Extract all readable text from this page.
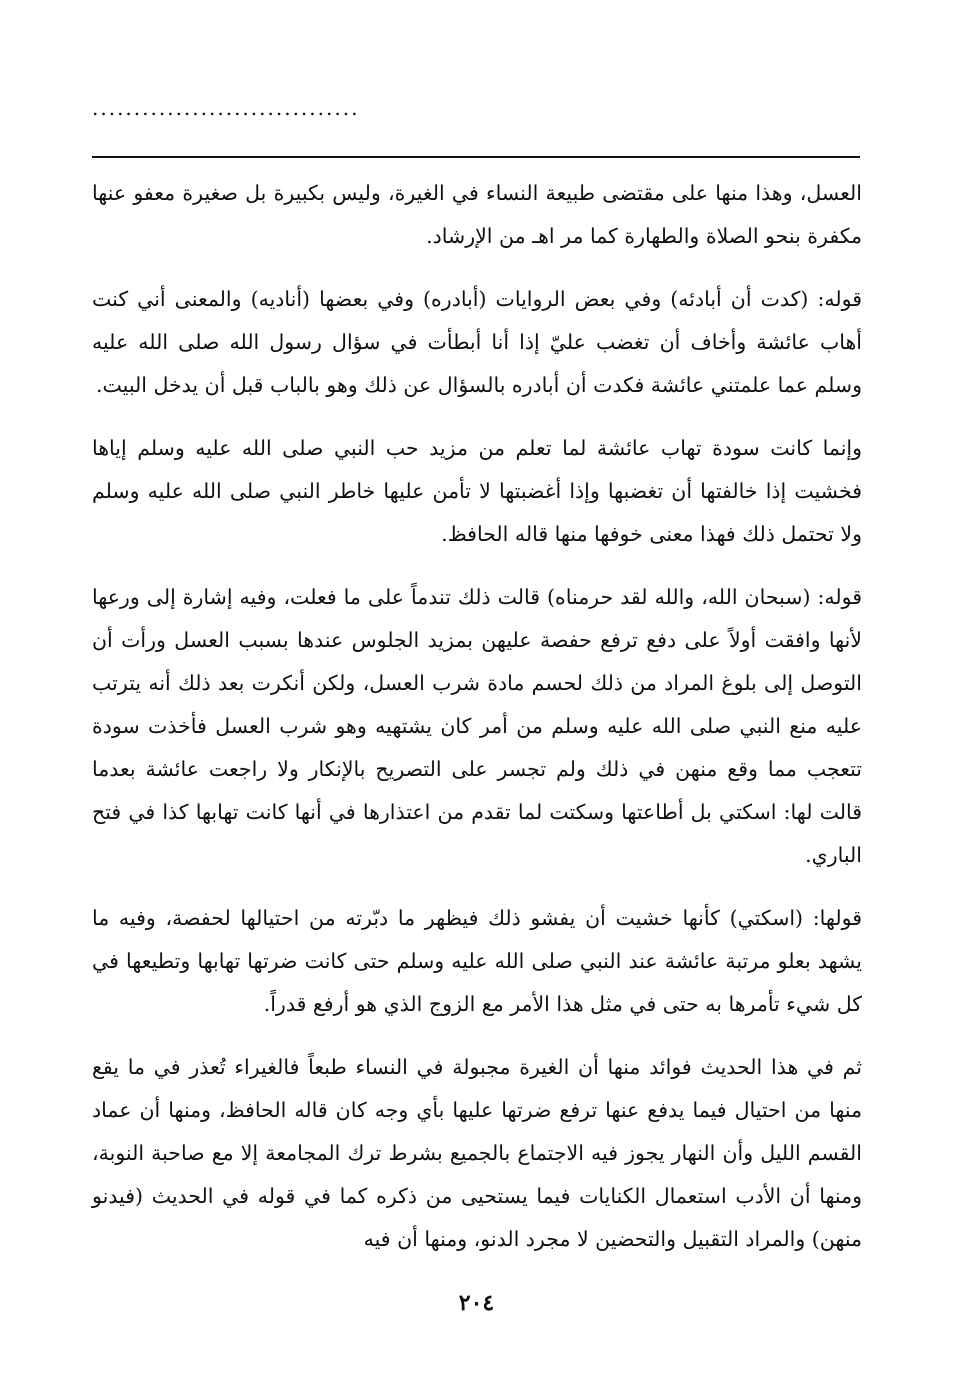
................................

العسل، وهذا منها على مقتضى طبيعة النساء في الغيرة، وليس بكبيرة بل صغيرة معفو عنها مكفرة بنحو الصلاة والطهارة كما مر اهـ من الإرشاد.

قوله: (كدت أن أبادئه) وفي بعض الروايات (أبادره) وفي بعضها (أناديه) والمعنى أني كنت أهاب عائشة وأخاف أن تغضب عليّ إذا أنا أبطأت في سؤال رسول الله صلى الله عليه وسلم عما علمتني عائشة فكدت أن أبادره بالسؤال عن ذلك وهو بالباب قبل أن يدخل البيت.

وإنما كانت سودة تهاب عائشة لما تعلم من مزيد حب النبي صلى الله عليه وسلم إياها فخشيت إذا خالفتها أن تغضبها وإذا أغضبتها لا تأمن عليها خاطر النبي صلى الله عليه وسلم ولا تحتمل ذلك فهذا معنى خوفها منها قاله الحافظ.

قوله: (سبحان الله، والله لقد حرمناه) قالت ذلك تندماً على ما فعلت، وفيه إشارة إلى ورعها لأنها وافقت أولاً على دفع ترفع حفصة عليهن بمزيد الجلوس عندها بسبب العسل ورأت أن التوصل إلى بلوغ المراد من ذلك لحسم مادة شرب العسل، ولكن أنكرت بعد ذلك أنه يترتب عليه منع النبي صلى الله عليه وسلم من أمر كان يشتهيه وهو شرب العسل فأخذت سودة تتعجب مما وقع منهن في ذلك ولم تجسر على التصريح بالإنكار ولا راجعت عائشة بعدما قالت لها: اسكتي بل أطاعتها وسكتت لما تقدم من اعتذارها في أنها كانت تهابها كذا في فتح الباري.

قولها: (اسكتي) كأنها خشيت أن يفشو ذلك فيظهر ما دبّرته من احتيالها لحفصة، وفيه ما يشهد بعلو مرتبة عائشة عند النبي صلى الله عليه وسلم حتى كانت ضرتها تهابها وتطيعها في كل شيء تأمرها به حتى في مثل هذا الأمر مع الزوج الذي هو أرفع قدراً.

ثم في هذا الحديث فوائد منها أن الغيرة مجبولة في النساء طبعاً فالغيراء تُعذر في ما يقع منها من احتيال فيما يدفع عنها ترفع ضرتها عليها بأي وجه كان قاله الحافظ، ومنها أن عماد القسم الليل وأن النهار يجوز فيه الاجتماع بالجميع بشرط ترك المجامعة إلا مع صاحبة النوبة، ومنها أن الأدب استعمال الكنايات فيما يستحيى من ذكره كما في قوله في الحديث (فيدنو منهن) والمراد التقبيل والتحضين لا مجرد الدنو، ومنها أن فيه

٢٠٤
